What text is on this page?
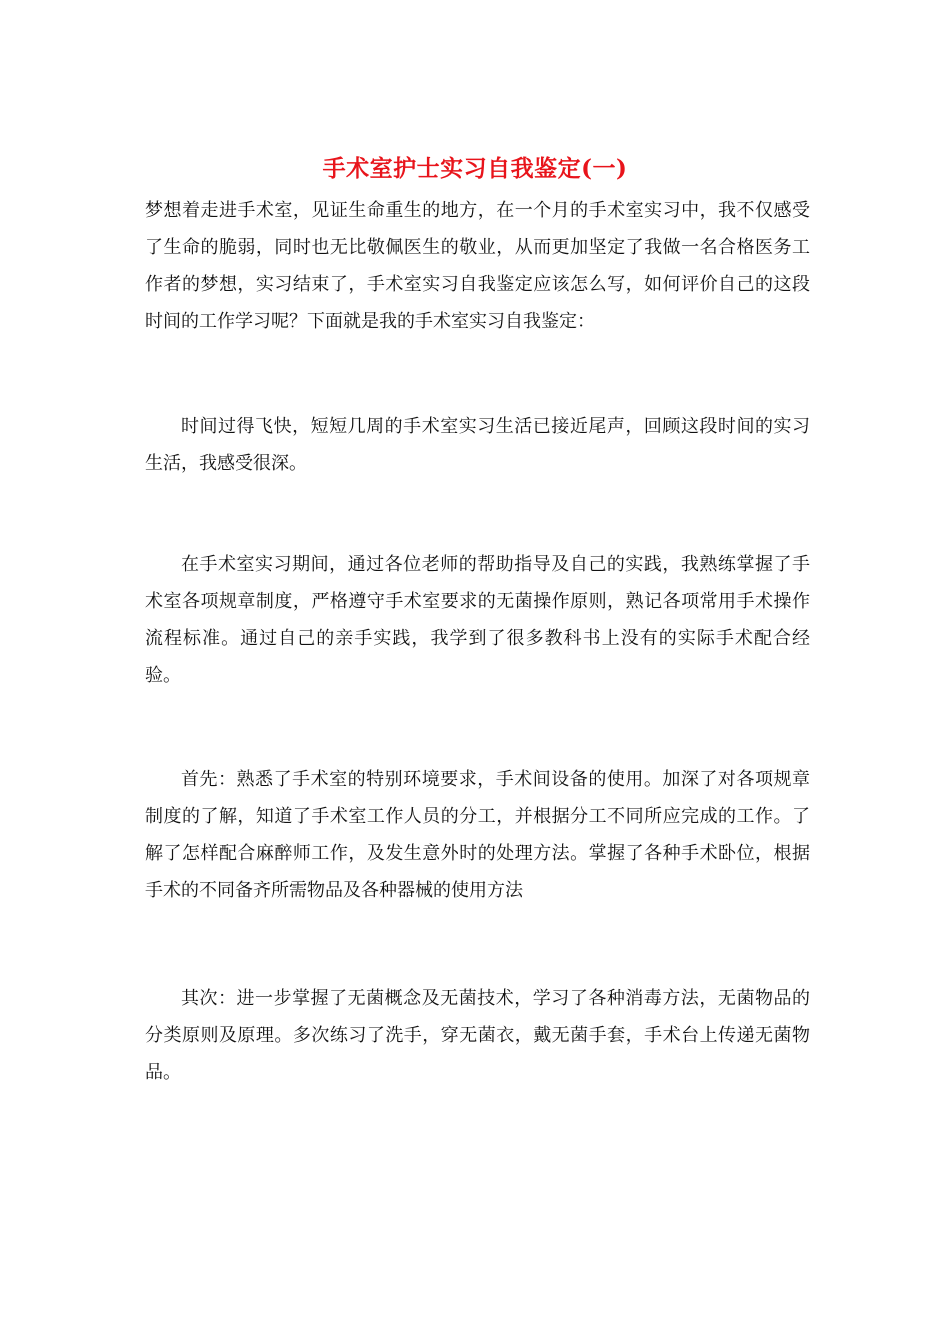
手术室护士实习自我鉴定(一)

梦想着走进手术室，见证生命重生的地方，在一个月的手术室实习中，我不仅感受了生命的脆弱，同时也无比敬佩医生的敬业，从而更加坚定了我做一名合格医务工作者的梦想，实习结束了，手术室实习自我鉴定应该怎么写，如何评价自己的这段时间的工作学习呢？下面就是我的手术室实习自我鉴定：

时间过得飞快，短短几周的手术室实习生活已接近尾声，回顾这段时间的实习生活，我感受很深。

在手术室实习期间，通过各位老师的帮助指导及自己的实践，我熟练掌握了手术室各项规章制度，严格遵守手术室要求的无菌操作原则，熟记各项常用手术操作流程标准。通过自己的亲手实践，我学到了很多教科书上没有的实际手术配合经验。

首先：熟悉了手术室的特别环境要求，手术间设备的使用。加深了对各项规章制度的了解，知道了手术室工作人员的分工，并根据分工不同所应完成的工作。了解了怎样配合麻醉师工作，及发生意外时的处理方法。掌握了各种手术卧位，根据手术的不同备齐所需物品及各种器械的使用方法

其次：进一步掌握了无菌概念及无菌技术，学习了各种消毒方法，无菌物品的分类原则及原理。多次练习了洗手，穿无菌衣，戴无菌手套，手术台上传递无菌物品。
